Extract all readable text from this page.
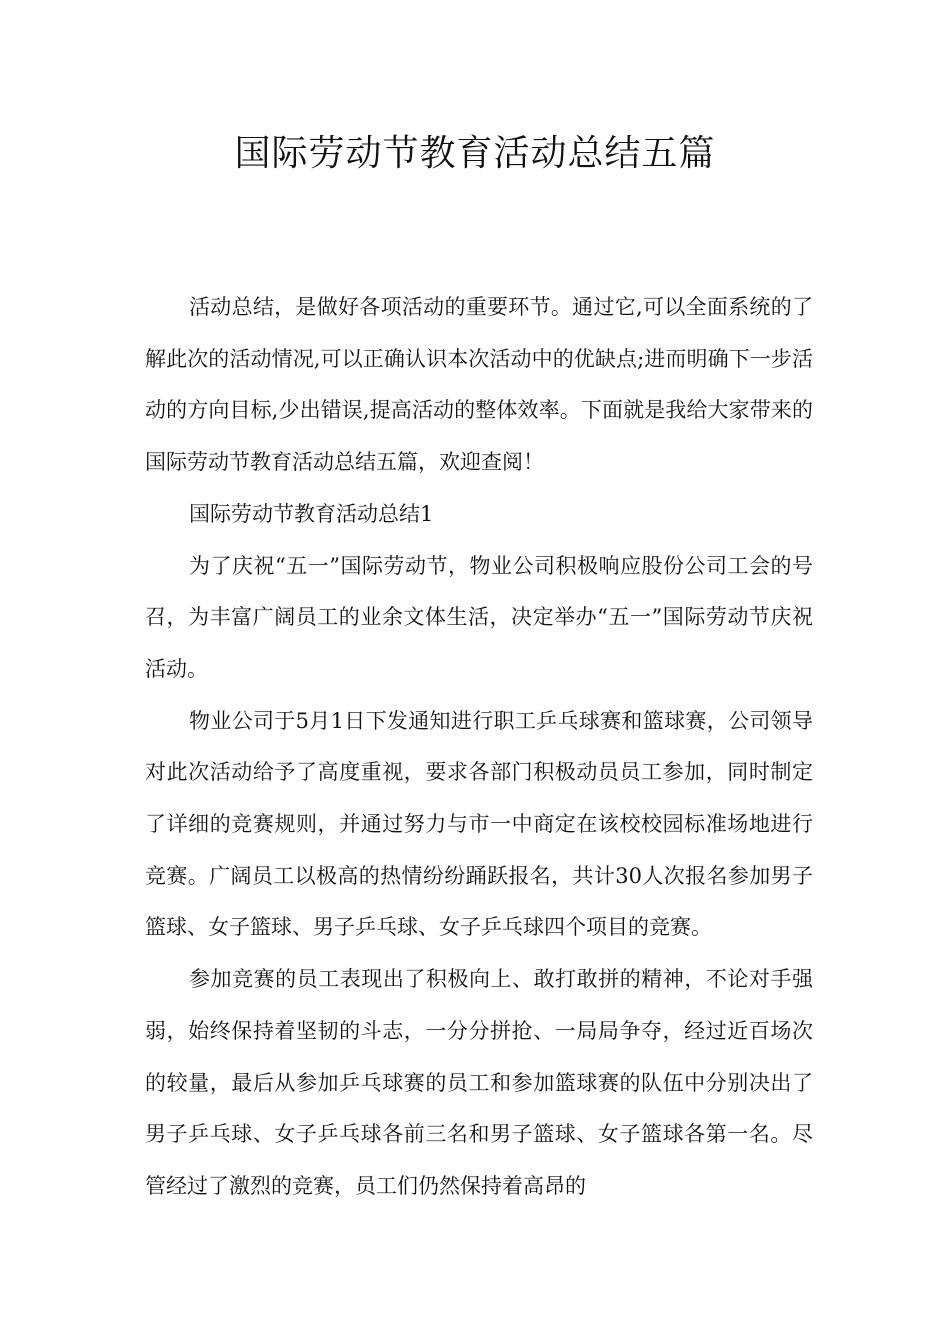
国际劳动节教育活动总结五篇

活动总结，是做好各项活动的重要环节。通过它,可以全面系统的了解此次的活动情况,可以正确认识本次活动中的优缺点;进而明确下一步活动的方向目标,少出错误,提高活动的整体效率。下面就是我给大家带来的国际劳动节教育活动总结五篇，欢迎查阅！

国际劳动节教育活动总结1

为了庆祝“五一”国际劳动节，物业公司积极响应股份公司工会的号召，为丰富广阔员工的业余文体生活，决定举办“五一”国际劳动节庆祝活动。

物业公司于5月1日下发通知进行职工乒乓球赛和篮球赛，公司领导对此次活动给予了高度重视，要求各部门积极动员员工参加，同时制定了详细的竞赛规则，并通过努力与市一中商定在该校校园标准场地进行竞赛。广阔员工以极高的热情纷纷踊跃报名，共计30人次报名参加男子篮球、女子篮球、男子乒乓球、女子乒乓球四个项目的竞赛。

参加竞赛的员工表现出了积极向上、敢打敢拼的精神，不论对手强弱，始终保持着坚韧的斗志，一分分拼抢、一局局争夺，经过近百场次的较量，最后从参加乒乓球赛的员工和参加篮球赛的队伍中分别决出了男子乒乓球、女子乒乓球各前三名和男子篮球、女子篮球各第一名。尽管经过了激烈的竞赛，员工们仍然保持着高昂的
